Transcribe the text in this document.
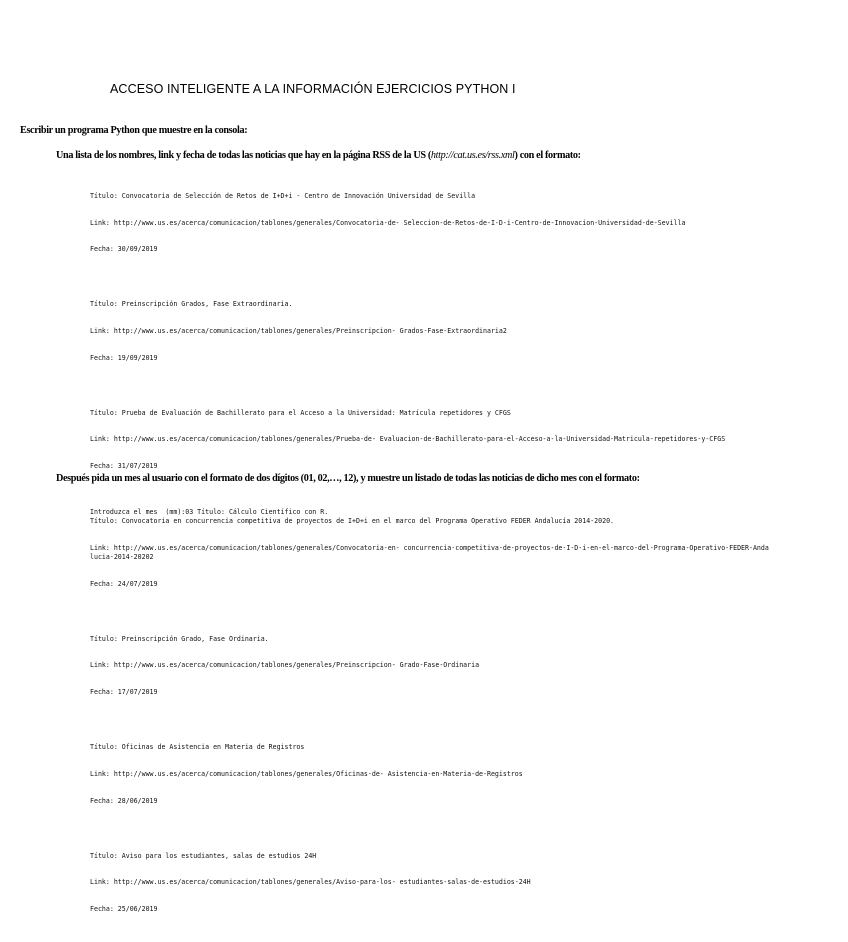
ACCESO INTELIGENTE A LA INFORMACIÓN EJERCICIOS PYTHON I
Escribir un programa Python que muestre en la consola:
Una lista de los nombres, link y fecha de todas las noticias que hay en la página RSS de la US (http://cat.us.es/rss.xml) con el formato:

Título: Convocatoria de Selección de Retos de I+D+i - Centro de Innovación Universidad de Sevilla

Link: http://www.us.es/acerca/comunicacion/tablones/generales/Convocatoria-de- Seleccion-de-Retos-de-I-D-i-Centro-de-Innovacion-Universidad-de-Sevilla

Fecha: 30/09/2019

Título: Preinscripción Grados, Fase Extraordinaria.

Link: http://www.us.es/acerca/comunicacion/tablones/generales/Preinscripcion- Grados-Fase-Extraordinaria2

Fecha: 19/09/2019

Título: Prueba de Evaluación de Bachillerato para el Acceso a la Universidad: Matrícula repetidores y CFGS

Link: http://www.us.es/acerca/comunicacion/tablones/generales/Prueba-de- Evaluacion-de-Bachillerato-para-el-Acceso-a-la-Universidad-Matricula-repetidores-y-CFGS

Fecha: 31/07/2019

Título: Convocatoria en concurrencia competitiva de proyectos de I+D+i en el marco del Programa Operativo FEDER Andalucía 2014-2020.

Link: http://www.us.es/acerca/comunicacion/tablones/generales/Convocatoria-en- concurrencia-competitiva-de-proyectos-de-I-D-i-en-el-marco-del-Programa-Operativo-FEDER-Andalucia-2014-20202

Fecha: 24/07/2019

Título: Preinscripción Grado, Fase Ordinaria.

Link: http://www.us.es/acerca/comunicacion/tablones/generales/Preinscripcion- Grado-Fase-Ordinaria

Fecha: 17/07/2019

Título: Oficinas de Asistencia en Materia de Registros

Link: http://www.us.es/acerca/comunicacion/tablones/generales/Oficinas-de- Asistencia-en-Materia-de-Registros

Fecha: 28/06/2019

Título: Aviso para los estudiantes, salas de estudios 24H

Link: http://www.us.es/acerca/comunicacion/tablones/generales/Aviso-para-los- estudiantes-salas-de-estudios-24H

Fecha: 25/06/2019

Después pida un mes al usuario con el formato de dos dígitos (01, 02,…, 12), y muestre un listado de todas las noticias de dicho mes con el formato:
Introduzca el mes  (mm):03 Título: Cálculo Científico con R.
